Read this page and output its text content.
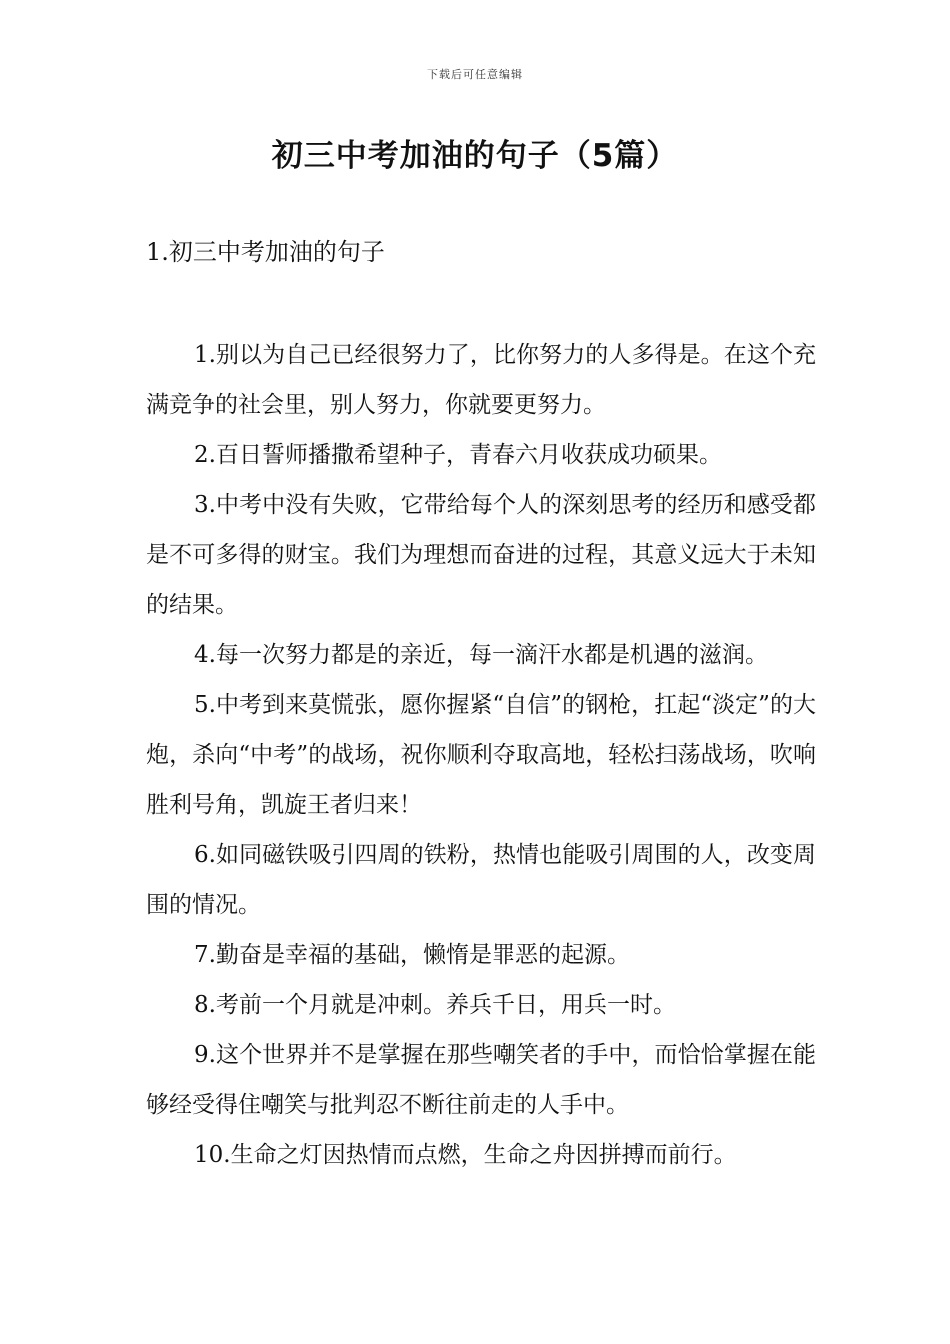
下载后可任意编辑
初三中考加油的句子（5篇）
1.初三中考加油的句子

1.别以为自己已经很努力了，比你努力的人多得是。在这个充满竞争的社会里，别人努力，你就要更努力。

2.百日誓师播撒希望种子，青春六月收获成功硕果。

3.中考中没有失败，它带给每个人的深刻思考的经历和感受都是不可多得的财宝。我们为理想而奋进的过程，其意义远大于未知的结果。

4.每一次努力都是的亲近，每一滴汗水都是机遇的滋润。

5.中考到来莫慌张，愿你握紧“自信”的钢枪，扛起“淡定”的大炮，杀向“中考”的战场，祝你顺利夺取高地，轻松扫荡战场，吹响胜利号角，凯旋王者归来！

6.如同磁铁吸引四周的铁粉，热情也能吸引周围的人，改变周围的情况。

7.勤奋是幸福的基础，懒惰是罪恶的起源。

8.考前一个月就是冲刺。养兵千日，用兵一时。

9.这个世界并不是掌握在那些嘲笑者的手中，而恰恰掌握在能够经受得住嘲笑与批判忍不断往前走的人手中。

10.生命之灯因热情而点燃，生命之舟因拼搏而前行。
